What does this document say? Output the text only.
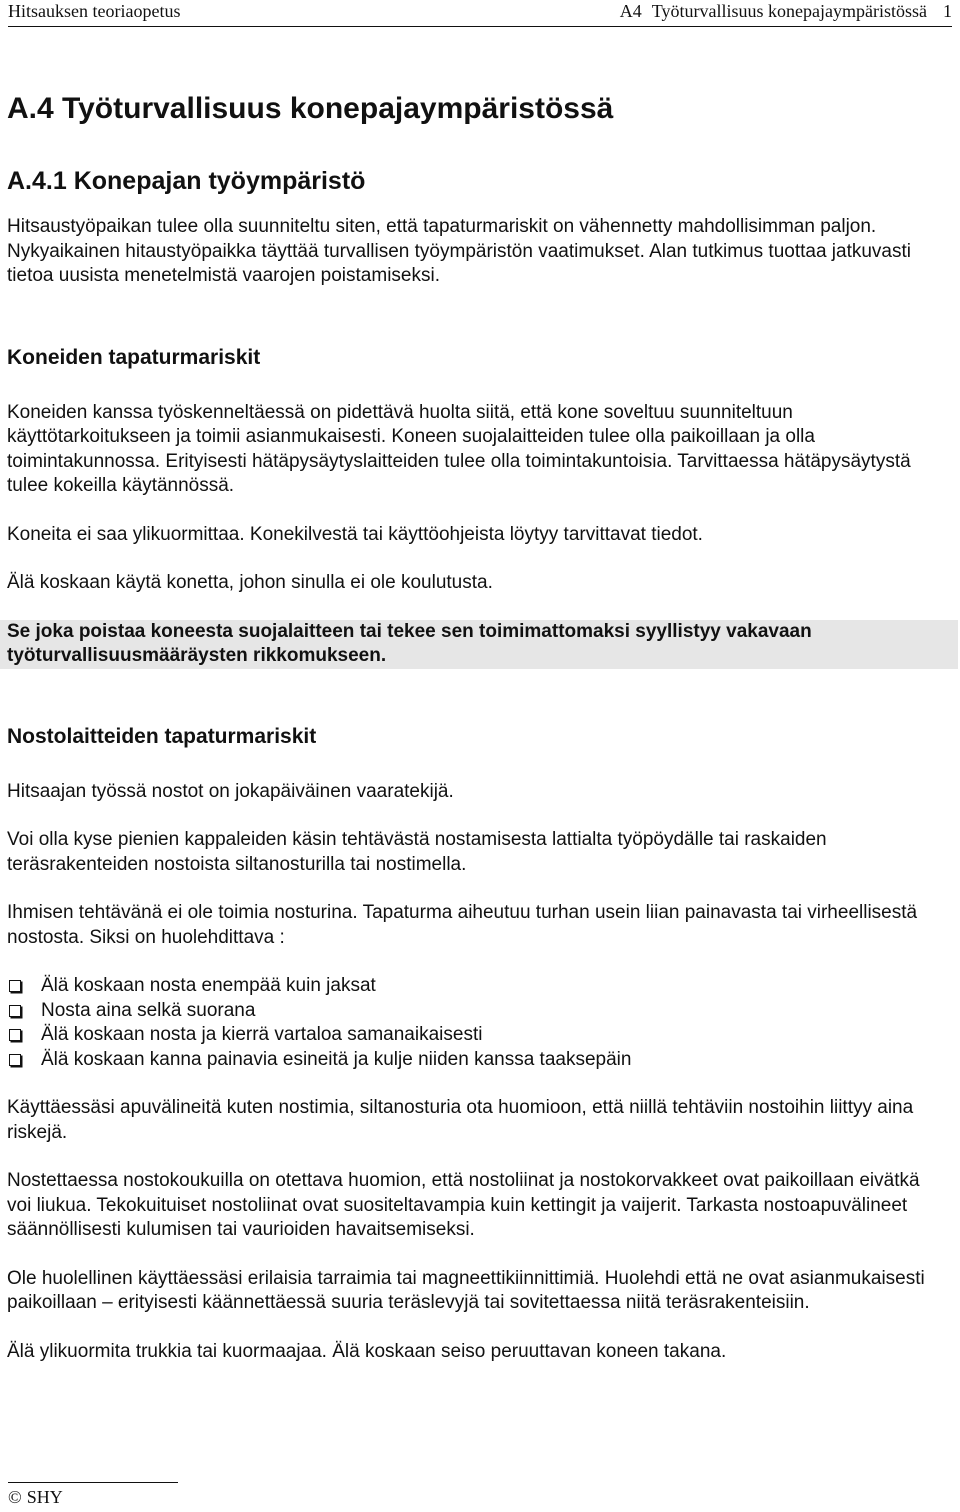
Hitsauksen teoriaopetus	A4 Työturvallisuus konepajaympäristössä 1
A.4 Työturvallisuus konepajaympäristössä
A.4.1 Konepajan työympäristö

Hitsaustyöpaikan tulee olla suunniteltu siten, että tapaturmariskit on vähennetty mahdollisimman paljon. Nykyaikainen hitaustyöpaikka täyttää turvallisen työympäristön vaatimukset. Alan tutkimus tuottaa jatkuvasti tietoa uusista menetelmistä vaarojen poistamiseksi.

Koneiden tapaturmariskit

Koneiden kanssa työskenneltäessä on pidettävä huolta siitä, että kone soveltuu suunniteltuun käyttötarkoitukseen ja toimii asianmukaisesti. Koneen suojalaitteiden tulee olla paikoillaan ja olla toimintakunnossa. Erityisesti hätäpysäytyslaitteiden tulee olla toimintakuntoisia. Tarvittaessa hätäpysäytystä tulee kokeilla käytännössä.

Koneita ei saa ylikuormittaa. Konekilvestä tai käyttöohjeista löytyy tarvittavat tiedot.

Älä koskaan käytä konetta, johon sinulla ei ole koulutusta.

Se joka poistaa koneesta suojalaitteen tai tekee sen toimimattomaksi syyllistyy vakavaan työturvallisuusmääräysten rikkomukseen.

Nostolaitteiden tapaturmariskit

Hitsaajan työssä nostot on jokapäiväinen vaaratekijä.

Voi olla kyse pienien kappaleiden käsin tehtävästä nostamisesta lattialta työpöydälle tai raskaiden teräsrakenteiden nostoista siltanosturilla tai nostimella.

Ihmisen tehtävänä ei ole toimia nosturina. Tapaturma aiheutuu turhan usein liian painavasta tai virheellisestä nostosta. Siksi on huolehdittava :

Älä koskaan nosta enempää kuin jaksat
Nosta aina selkä suorana
Älä koskaan nosta ja kierrä vartaloa samanaikaisesti
Älä koskaan kanna painavia esineitä ja kulje niiden kanssa taaksepäin

Käyttäessäsi apuvälineitä kuten nostimia, siltanosturia ota huomioon, että niillä tehtäviin nostoihin liittyy aina riskejä.

Nostettaessa nostokoukuilla on otettava huomion, että nostoliinat ja nostokorvakkeet ovat paikoillaan eivätkä voi liukua. Tekokuituiset nostoliinat ovat suositeltavampia kuin kettingit ja vaijerit. Tarkasta nostoapuvälineet säännöllisesti kulumisen tai vaurioiden havaitsemiseksi.

Ole huolellinen käyttäessäsi erilaisia tarraimia tai magneettikiinnittimiä. Huolehdi että ne ovat asianmukaisesti paikoillaan – erityisesti käännettäessä suuria teräslevyjä tai sovitettaessa niitä teräsrakenteisiin.

Älä ylikuormita trukkia tai kuormaajaa. Älä koskaan seiso peruuttavan koneen takana.

© SHY
